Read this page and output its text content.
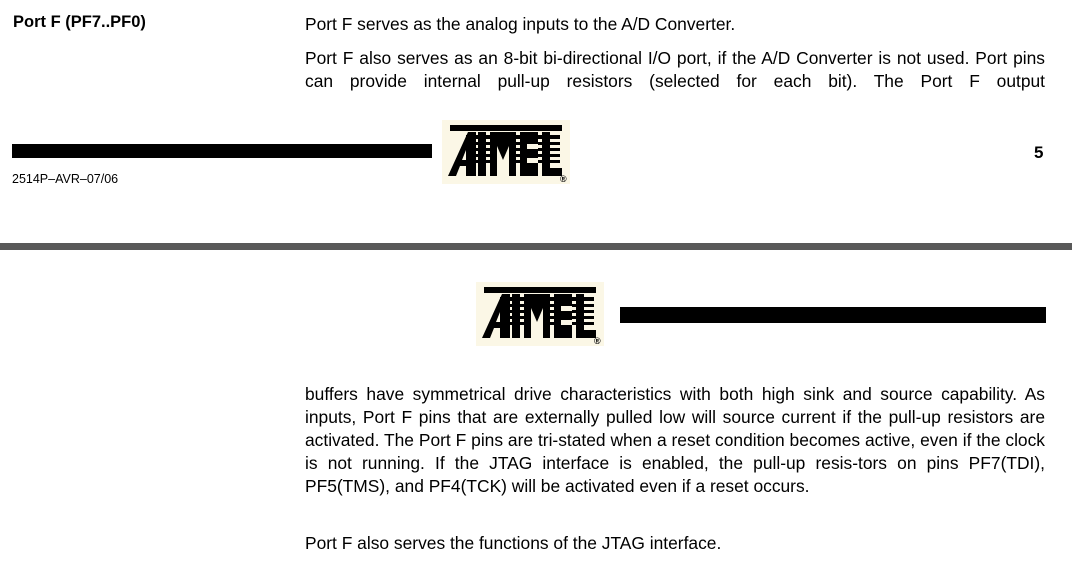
Port F (PF7..PF0)	Port F serves as the analog inputs to the A/D Converter.
Port F also serves as an 8-bit bi-directional I/O port, if the A/D Converter is not used. Port pins can provide internal pull-up resistors (selected for each bit). The Port F output
®
5
2514P–AVR–07/06
®
buffers have symmetrical drive characteristics with both high sink and source capability. As inputs, Port F pins that are externally pulled low will source current if the pull-up resistors are activated. The Port F pins are tri-stated when a reset condition becomes active, even if the clock is not running. If the JTAG interface is enabled, the pull-up resis-tors on pins PF7(TDI), PF5(TMS), and PF4(TCK) will be activated even if a reset occurs.
Port F also serves the functions of the JTAG interface.
